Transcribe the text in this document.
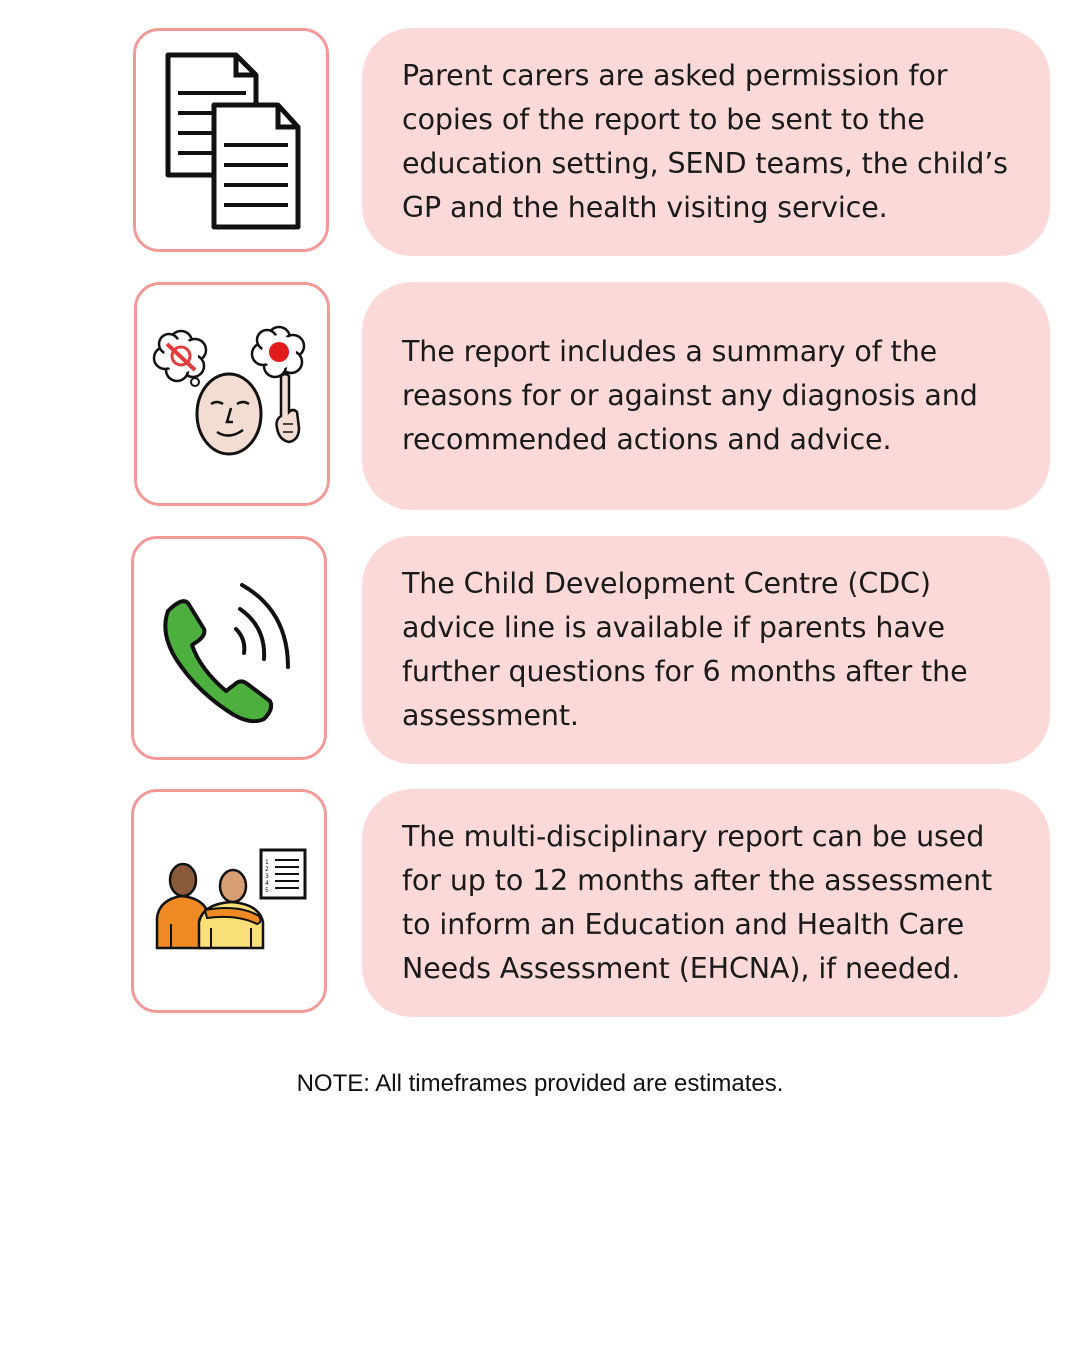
Parent carers are asked permission for copies of the report to be sent to the education setting, SEND teams, the child’s GP and the health visiting service.

The report includes a summary of the reasons for or against any diagnosis and recommended actions and advice.

The Child Development Centre (CDC) advice line is available if parents have further questions for 6 months after the assessment.

1
2
3
4
5

The multi-disciplinary report can be used for up to 12 months after the assessment to inform an Education and Health Care Needs Assessment (EHCNA), if needed.

NOTE: All timeframes provided are estimates.
